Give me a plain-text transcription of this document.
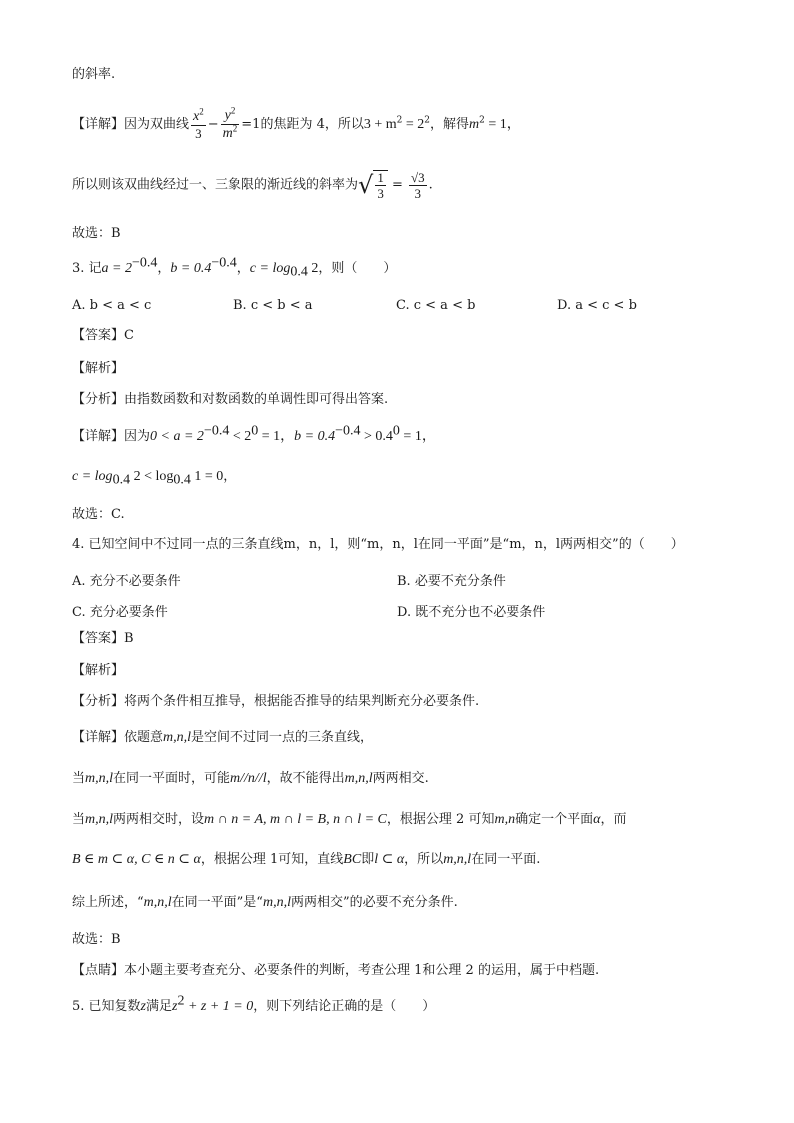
的斜率.
【详解】因为双曲线 $\frac{x^2}{3} - \frac{y^2}{m^2} =1$的焦距为 4，所以$3 + m^2 = 2^2$，解得$m^2 = 1$，
所以则该双曲线经过一、三象限的渐近线的斜率为√ $\frac{1}{3} = \frac{√3}{3}$ .
故选：B
3. 记$a = 2^{-0.4}$，$b = 0.4^{-0.4}$，$c = \log_{0.4} 2$，则（　　）
A. b < a < c	B. c < b < a	C. c < a < b	D. a < c < b
【答案】C
【解析】
【分析】由指数函数和对数函数的单调性即可得出答案.
【详解】因为$0 < a = 2^{-0.4} < 2^0 = 1$，$b = 0.4^{-0.4} > 0.4^0 = 1$，
$c = \log_{0.4} 2 < \log_{0.4} 1 = 0$，
故选：C.
4. 已知空间中不过同一点的三条直线m，n，l，则“m，n，l在同一平面”是“m，n，l两两相交”的（　　）
A. 充分不必要条件	B. 必要不充分条件
C. 充分必要条件	D. 既不充分也不必要条件
【答案】B
【解析】
【分析】将两个条件相互推导，根据能否推导的结果判断充分必要条件.
【详解】依题意m,n,l是空间不过同一点的三条直线，
当m,n,l在同一平面时，可能m//n//l，故不能得出m,n,l两两相交.
当m,n,l两两相交时，设m ∩ n = A, m ∩ l = B, n ∩ l = C，根据公理 2 可知m,n确定一个平面α，而
B ∈ m ⊂ α, C ∈ n ⊂ α，根据公理 1可知，直线BC即l ⊂ α，所以m,n,l在同一平面.
综上所述，“m,n,l在同一平面”是“m,n,l两两相交”的必要不充分条件.
故选：B
【点睛】本小题主要考查充分、必要条件的判断，考查公理 1和公理 2 的运用，属于中档题.
5. 已知复数z满足$z^2 + z + 1 = 0$，则下列结论正确的是（　　）
